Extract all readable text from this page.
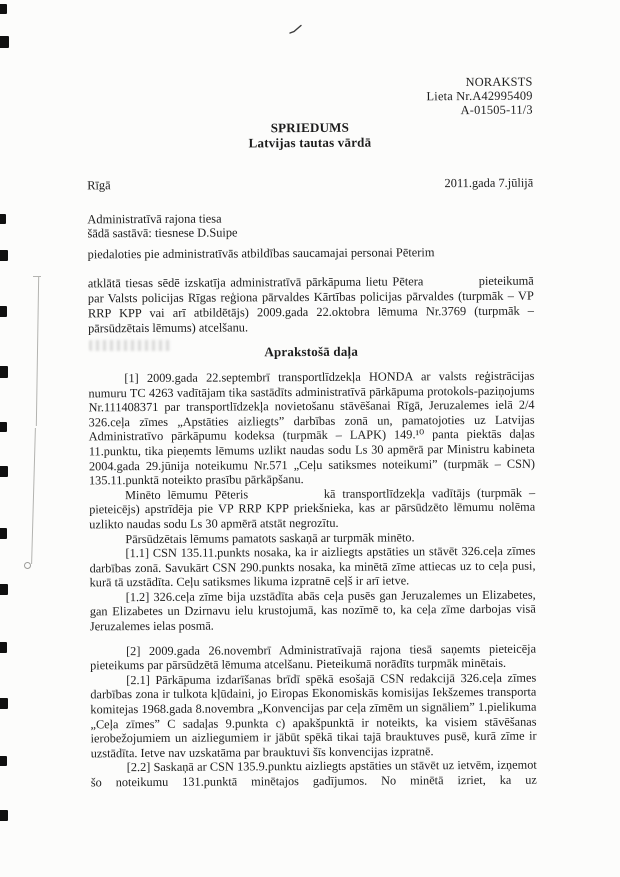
NORAKSTS
Lieta Nr.A42995409
A-01505-11/3
SPRIEDUMS
Latvijas tautas vārdā
Rīgā	2011.gada 7.jūlijā
Administratīvā rajona tiesa
šādā sastāvā: tiesnese D.Suipe
piedaloties pie administratīvās atbildības saucamajai personai Pēterim

atklātā tiesas sēdē izskatīja administratīvā pārkāpuma lietu Pētera	pieteikumā par Valsts policijas Rīgas reģiona pārvaldes Kārtības policijas pārvaldes (turpmāk – VP RRP KPP vai arī atbildētājs) 2009.gada 22.oktobra lēmuma Nr.3769 (turpmāk – pārsūdzētais lēmums) atcelšanu.

Aprakstošā daļa

[1] 2009.gada 22.septembrī transportlīdzekļa HONDA ar valsts reģistrācijas numuru TC 4263 vadītājam tika sastādīts administratīvā pārkāpuma protokols-paziņojums Nr.111408371 par transportlīdzekļa novietošanu stāvēšanai Rīgā, Jeruzalemes ielā 2/4 326.ceļa zīmes „Apstāties aizliegts” darbības zonā un, pamatojoties uz Latvijas Administratīvo pārkāpumu kodeksa (turpmāk – LAPK) 149.¹⁰ panta piektās daļas 11.punktu, tika pieņemts lēmums uzlikt naudas sodu Ls 30 apmērā par Ministru kabineta 2004.gada 29.jūnija noteikumu Nr.571 „Ceļu satiksmes noteikumi” (turpmāk – CSN) 135.11.punktā noteikto prasību pārkāpšanu.

Minēto lēmumu Pēteris	kā transportlīdzekļa vadītājs (turpmāk – pieteicējs) apstrīdēja pie VP RRP KPP priekšnieka, kas ar pārsūdzēto lēmumu nolēma uzlikto naudas sodu Ls 30 apmērā atstāt negrozītu.

Pārsūdzētais lēmums pamatots saskaņā ar turpmāk minēto.

[1.1] CSN 135.11.punkts nosaka, ka ir aizliegts apstāties un stāvēt 326.ceļa zīmes darbības zonā. Savukārt CSN 290.punkts nosaka, ka minētā zīme attiecas uz to ceļa pusi, kurā tā uzstādīta. Ceļu satiksmes likuma izpratnē ceļš ir arī ietve.

[1.2] 326.ceļa zīme bija uzstādīta abās ceļa pusēs gan Jeruzalemes un Elizabetes, gan Elizabetes un Dzirnavu ielu krustojumā, kas nozīmē to, ka ceļa zīme darbojas visā Jeruzalemes ielas posmā.

[2] 2009.gada 26.novembrī Administratīvajā rajona tiesā saņemts pieteicēja pieteikums par pārsūdzētā lēmuma atcelšanu. Pieteikumā norādīts turpmāk minētais.

[2.1] Pārkāpuma izdarīšanas brīdī spēkā esošajā CSN redakcijā 326.ceļa zīmes darbības zona ir tulkota kļūdaini, jo Eiropas Ekonomiskās komisijas Iekšzemes transporta komitejas 1968.gada 8.novembra „Konvencijas par ceļa zīmēm un signāliem” 1.pielikuma „Ceļa zīmes” C sadaļas 9.punkta c) apakšpunktā ir noteikts, ka visiem stāvēšanas ierobežojumiem un aizliegumiem ir jābūt spēkā tikai tajā brauktuves pusē, kurā zīme ir uzstādīta. Ietve nav uzskatāma par brauktuvi šīs konvencijas izpratnē.

[2.2] Saskaņā ar CSN 135.9.punktu aizliegts apstāties un stāvēt uz ietvēm, izņemot šo noteikumu 131.punktā minētajos gadījumos. No minētā izriet, ka uz
